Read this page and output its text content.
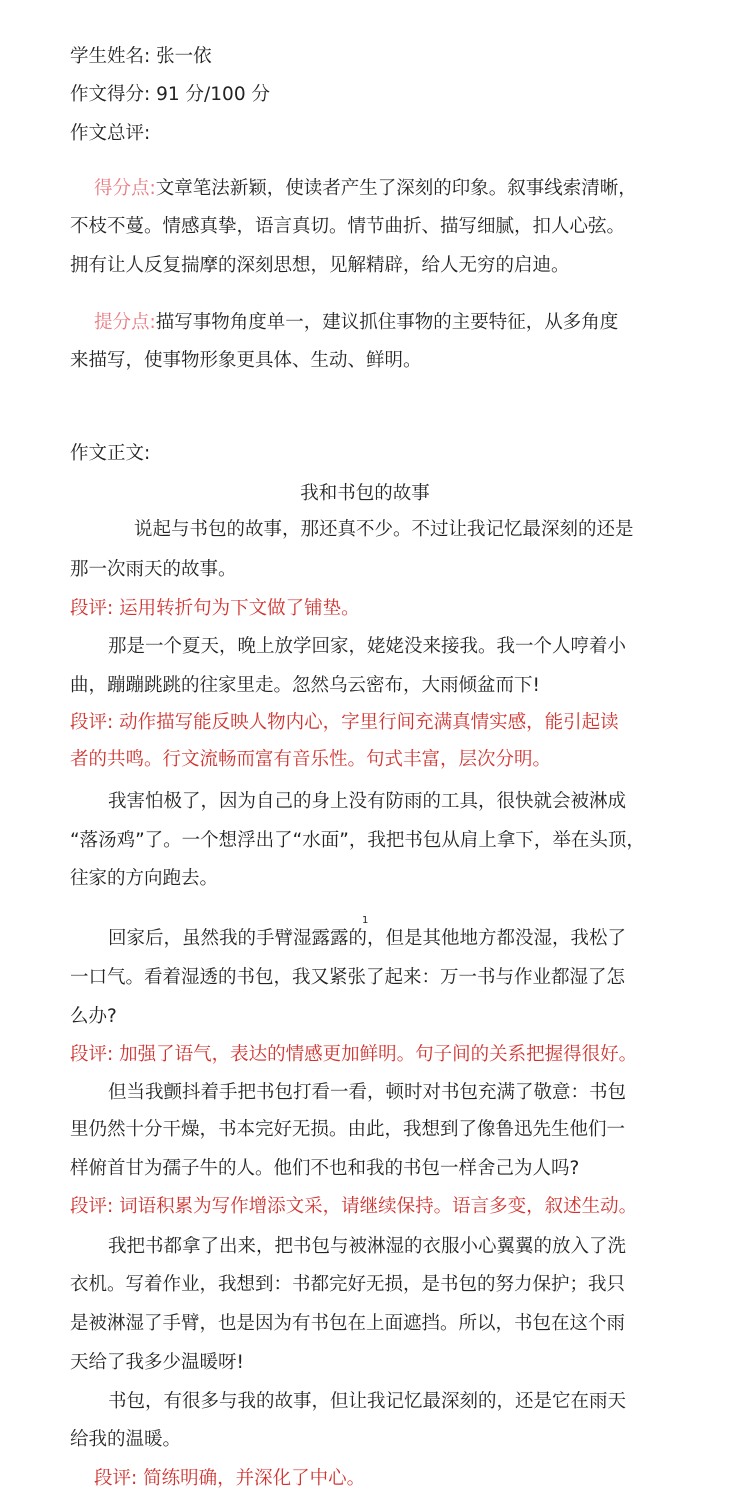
学生姓名: 张一依
作文得分: 91 分/100 分
作文总评:
得分点:文章笔法新颖，使读者产生了深刻的印象。叙事线索清晰，
不枝不蔓。情感真挚，语言真切。情节曲折、描写细腻，扣人心弦。
拥有让人反复揣摩的深刻思想，见解精辟，给人无穷的启迪。
提分点:描写事物角度单一，建议抓住事物的主要特征，从多角度
来描写，使事物形象更具体、生动、鲜明。
作文正文:
我和书包的故事
说起与书包的故事，那还真不少。不过让我记忆最深刻的还是
那一次雨天的故事。
段评: 运用转折句为下文做了铺垫。
那是一个夏天，晚上放学回家，姥姥没来接我。我一个人哼着小
曲，蹦蹦跳跳的往家里走。忽然乌云密布，大雨倾盆而下!
段评: 动作描写能反映人物内心，字里行间充满真情实感，能引起读
者的共鸣。行文流畅而富有音乐性。句式丰富，层次分明。
我害怕极了，因为自己的身上没有防雨的工具，很快就会被淋成
“落汤鸡”了。一个想浮出了“水面”，我把书包从肩上拿下，举在头顶，
往家的方向跑去。
1
回家后，虽然我的手臂湿露露的，但是其他地方都没湿，我松了
一口气。看着湿透的书包，我又紧张了起来：万一书与作业都湿了怎
么办?
段评: 加强了语气，表达的情感更加鲜明。句子间的关系把握得很好。
但当我颤抖着手把书包打看一看，顿时对书包充满了敬意：书包
里仍然十分干燥，书本完好无损。由此，我想到了像鲁迅先生他们一
样俯首甘为孺子牛的人。他们不也和我的书包一样舍己为人吗?
段评: 词语积累为写作增添文采，请继续保持。语言多变，叙述生动。
我把书都拿了出来，把书包与被淋湿的衣服小心翼翼的放入了洗
衣机。写着作业，我想到：书都完好无损，是书包的努力保护；我只
是被淋湿了手臂，也是因为有书包在上面遮挡。所以，书包在这个雨
天给了我多少温暖呀!
书包，有很多与我的故事，但让我记忆最深刻的，还是它在雨天
给我的温暖。
段评: 简练明确，并深化了中心。
